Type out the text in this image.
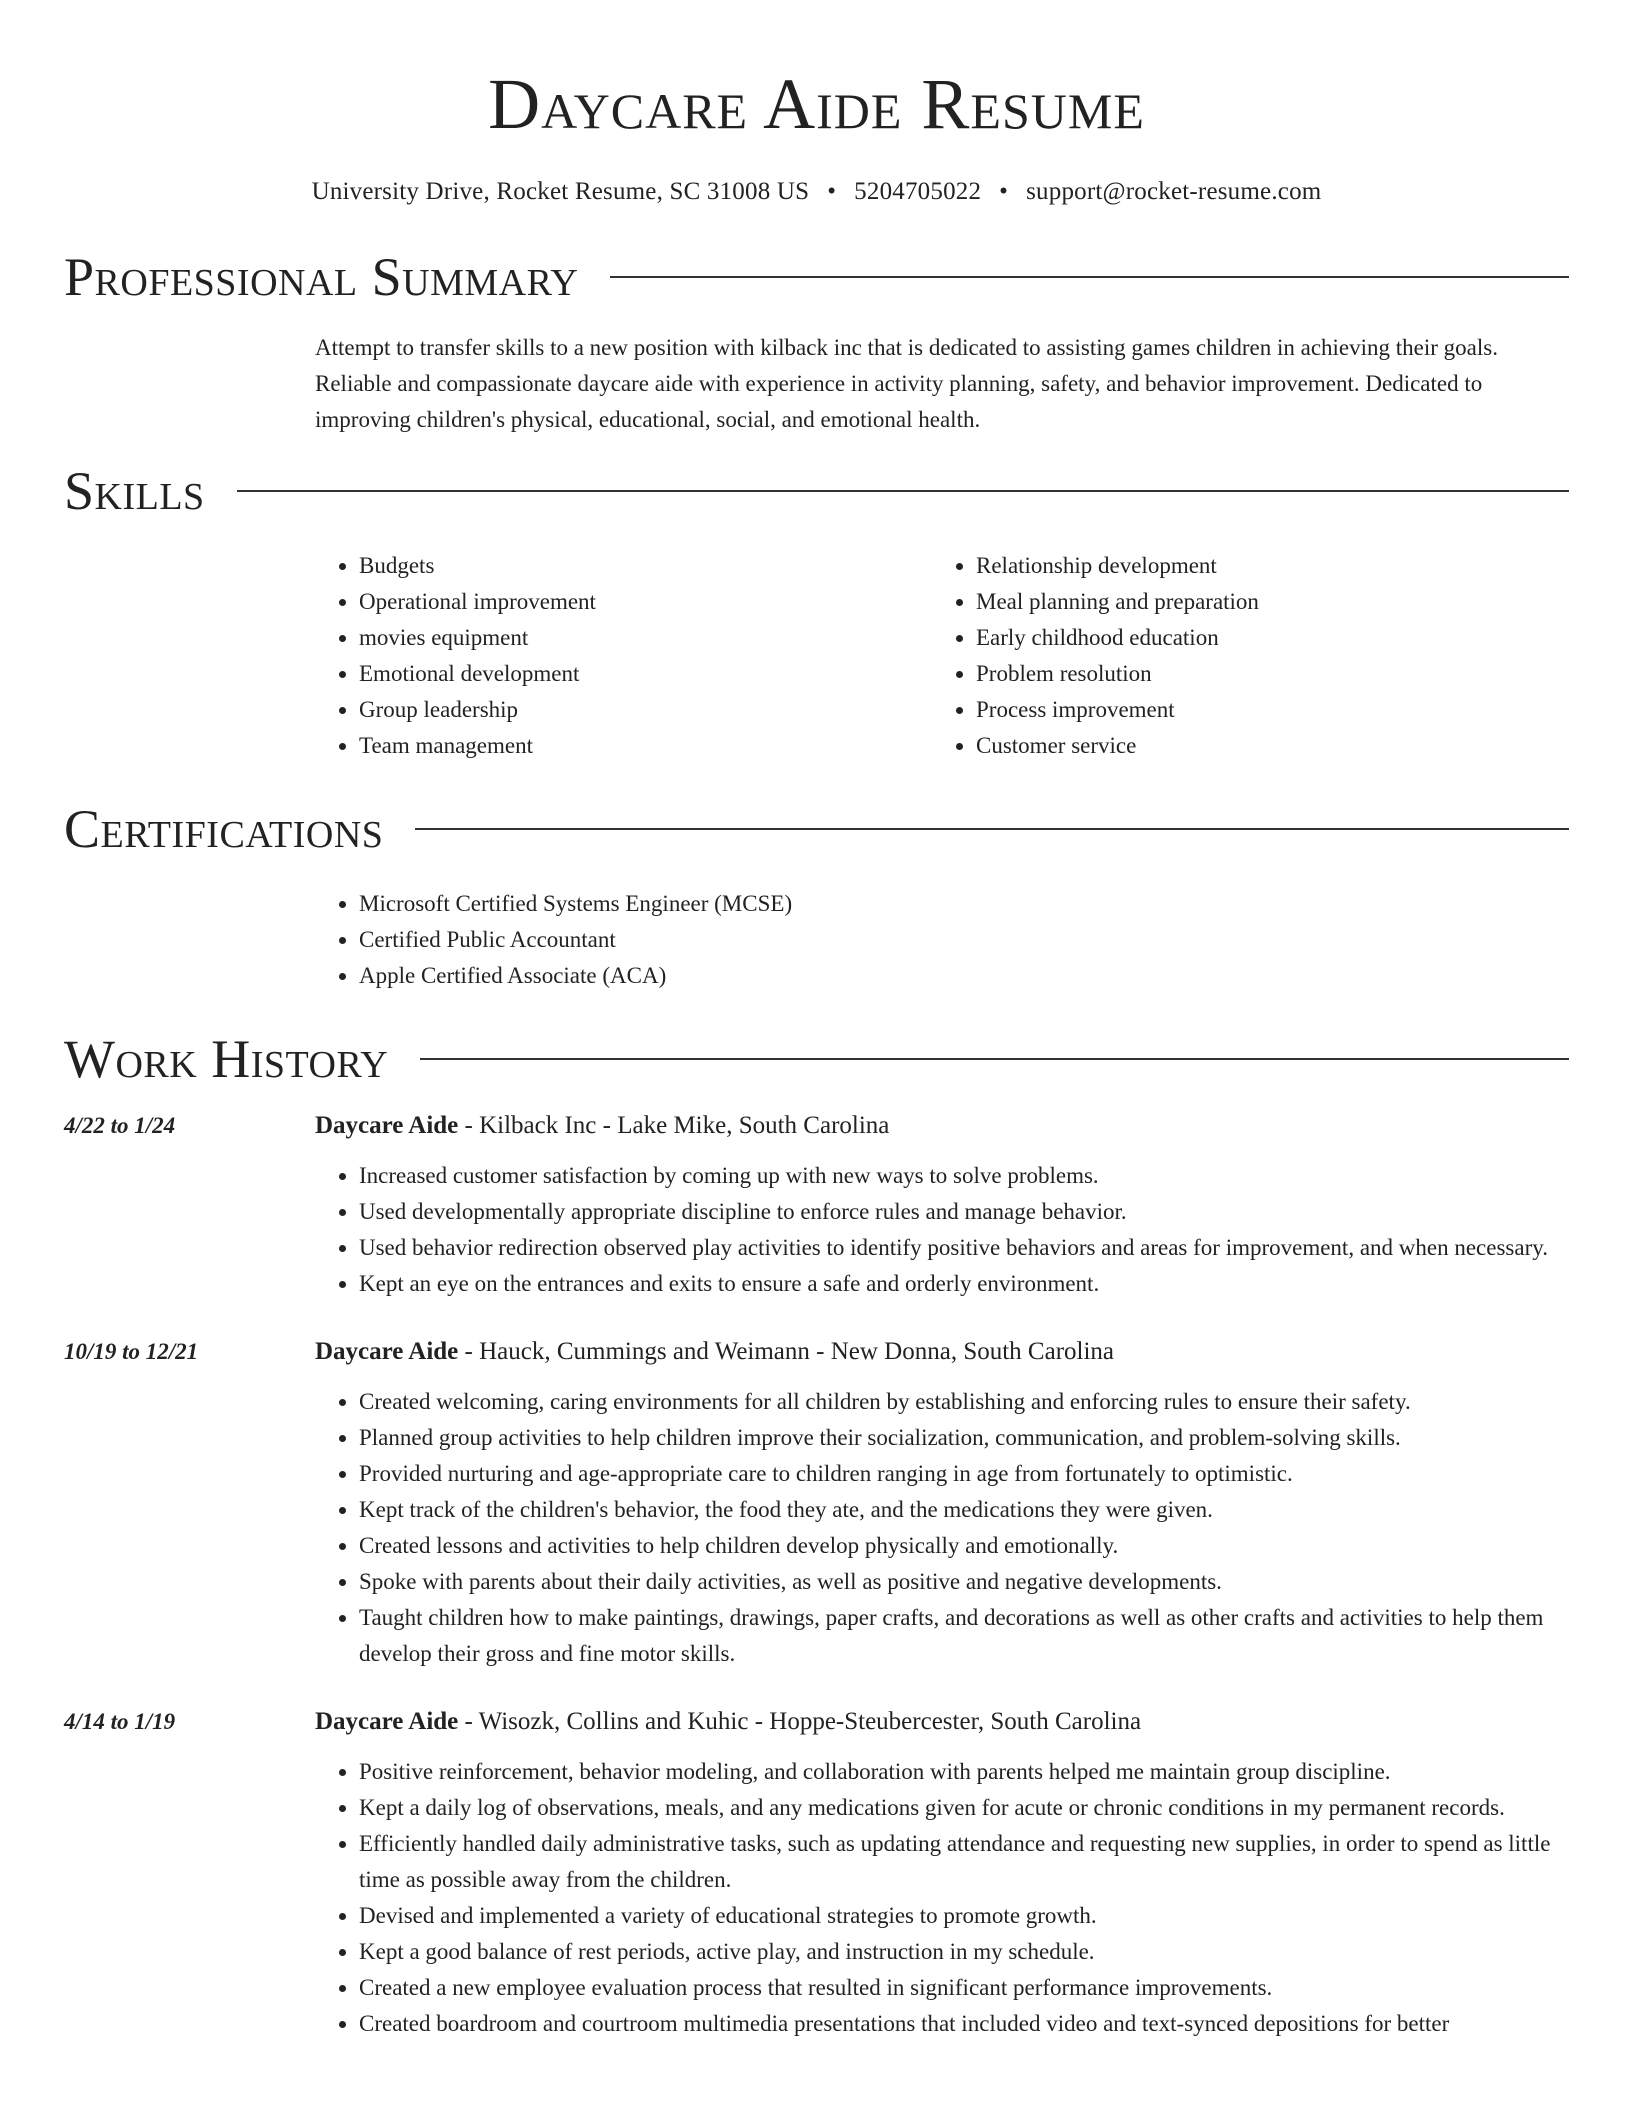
Daycare Aide Resume
University Drive, Rocket Resume, SC 31008 US • 5204705022 • support@rocket-resume.com
Professional Summary
Attempt to transfer skills to a new position with kilback inc that is dedicated to assisting games children in achieving their goals. Reliable and compassionate daycare aide with experience in activity planning, safety, and behavior improvement. Dedicated to improving children's physical, educational, social, and emotional health.
Skills
• Budgets
• Operational improvement
• movies equipment
• Emotional development
• Group leadership
• Team management
• Relationship development
• Meal planning and preparation
• Early childhood education
• Problem resolution
• Process improvement
• Customer service
Certifications
• Microsoft Certified Systems Engineer (MCSE)
• Certified Public Accountant
• Apple Certified Associate (ACA)
Work History
4/22 to 1/24	Daycare Aide - Kilback Inc - Lake Mike, South Carolina
• Increased customer satisfaction by coming up with new ways to solve problems.
• Used developmentally appropriate discipline to enforce rules and manage behavior.
• Used behavior redirection observed play activities to identify positive behaviors and areas for improvement, and when necessary.
• Kept an eye on the entrances and exits to ensure a safe and orderly environment.
10/19 to 12/21	Daycare Aide - Hauck, Cummings and Weimann - New Donna, South Carolina
• Created welcoming, caring environments for all children by establishing and enforcing rules to ensure their safety.
• Planned group activities to help children improve their socialization, communication, and problem-solving skills.
• Provided nurturing and age-appropriate care to children ranging in age from fortunately to optimistic.
• Kept track of the children's behavior, the food they ate, and the medications they were given.
• Created lessons and activities to help children develop physically and emotionally.
• Spoke with parents about their daily activities, as well as positive and negative developments.
• Taught children how to make paintings, drawings, paper crafts, and decorations as well as other crafts and activities to help them develop their gross and fine motor skills.
4/14 to 1/19	Daycare Aide - Wisozk, Collins and Kuhic - Hoppe-Steubercester, South Carolina
• Positive reinforcement, behavior modeling, and collaboration with parents helped me maintain group discipline.
• Kept a daily log of observations, meals, and any medications given for acute or chronic conditions in my permanent records.
• Efficiently handled daily administrative tasks, such as updating attendance and requesting new supplies, in order to spend as little time as possible away from the children.
• Devised and implemented a variety of educational strategies to promote growth.
• Kept a good balance of rest periods, active play, and instruction in my schedule.
• Created a new employee evaluation process that resulted in significant performance improvements.
• Created boardroom and courtroom multimedia presentations that included video and text-synced depositions for better
